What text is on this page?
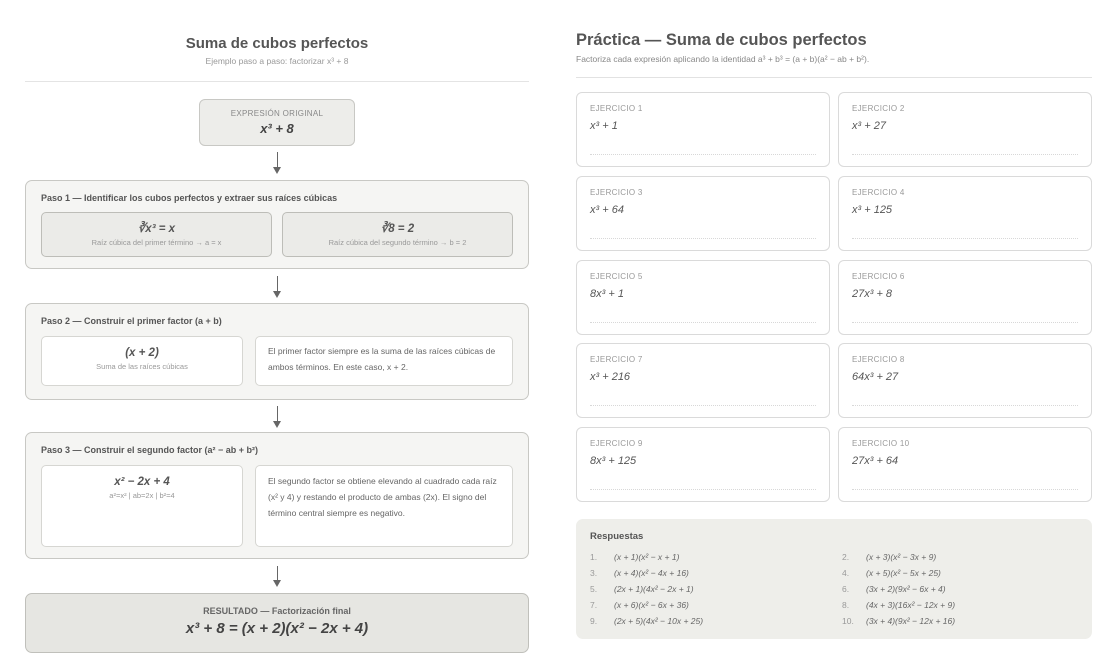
Suma de cubos perfectos
Ejemplo paso a paso: factorizar x³ + 8
EXPRESIÓN ORIGINAL
x³ + 8
Paso 1 — Identificar los cubos perfectos y extraer sus raíces cúbicas
∛x³ = x
Raíz cúbica del primer término → a = x
∛8 = 2
Raíz cúbica del segundo término → b = 2
Paso 2 — Construir el primer factor (a + b)
(x + 2)
Suma de las raíces cúbicas
El primer factor siempre es la suma de las raíces cúbicas de ambos términos. En este caso, x + 2.
Paso 3 — Construir el segundo factor (a² − ab + b²)
x² − 2x + 4
a²=x² | ab=2x | b²=4
El segundo factor se obtiene elevando al cuadrado cada raíz (x² y 4) y restando el producto de ambas (2x). El signo del término central siempre es negativo.
RESULTADO — Factorización final
x³ + 8 = (x + 2)(x² − 2x + 4)
Práctica — Suma de cubos perfectos
Factoriza cada expresión aplicando la identidad a³ + b³ = (a + b)(a² − ab + b²).
EJERCICIO 1
x³ + 1
EJERCICIO 2
x³ + 27
EJERCICIO 3
x³ + 64
EJERCICIO 4
x³ + 125
EJERCICIO 5
8x³ + 1
EJERCICIO 6
27x³ + 8
EJERCICIO 7
x³ + 216
EJERCICIO 8
64x³ + 27
EJERCICIO 9
8x³ + 125
EJERCICIO 10
27x³ + 64
Respuestas
1. (x + 1)(x² − x + 1)	2. (x + 3)(x² − 3x + 9)
3. (x + 4)(x² − 4x + 16)	4. (x + 5)(x² − 5x + 25)
5. (2x + 1)(4x² − 2x + 1)	6. (3x + 2)(9x² − 6x + 4)
7. (x + 6)(x² − 6x + 36)	8. (4x + 3)(16x² − 12x + 9)
9. (2x + 5)(4x² − 10x + 25)	10. (3x + 4)(9x² − 12x + 16)
